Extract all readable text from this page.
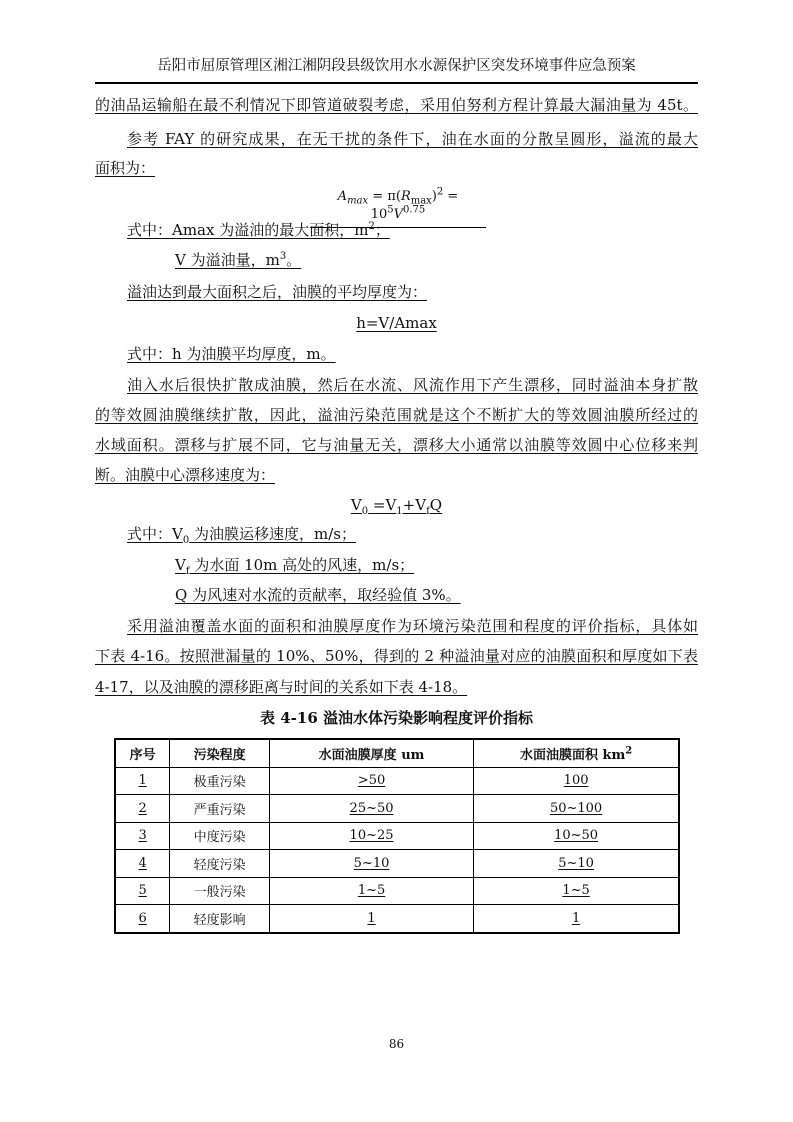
岳阳市屈原管理区湘江湘阴段县级饮用水水源保护区突发环境事件应急预案
的油品运输船在最不利情况下即管道破裂考虑，采用伯努利方程计算最大漏油量为 45t。
参考 FAY 的研究成果，在无干扰的条件下，油在水面的分散呈圆形，溢流的最大
面积为：
$A_{max} = \pi(R_{max})^2 = 10^5V^{0.75}$
式中：Amax 为溢油的最大面积，$m^2$；
V 为溢油量，$m^3$。
溢油达到最大面积之后，油膜的平均厚度为：
h=V/Amax
式中：h 为油膜平均厚度，m。
油入水后很快扩散成油膜，然后在水流、风流作用下产生漂移，同时溢油本身扩散
的等效圆油膜继续扩散，因此，溢油污染范围就是这个不断扩大的等效圆油膜所经过的
水域面积。漂移与扩展不同，它与油量无关，漂移大小通常以油膜等效圆中心位移来判
断。油膜中心漂移速度为：
$V_0 =V_1+V_fQ$
式中：$V_0$ 为油膜运移速度，m/s；
$V_f$ 为水面 10m 高处的风速，m/s；
Q 为风速对水流的贡献率，取经验值 3%。
采用溢油覆盖水面的面积和油膜厚度作为环境污染范围和程度的评价指标，具体如
下表 4-16。按照泄漏量的 10%、50%，得到的 2 种溢油量对应的油膜面积和厚度如下表
4-17，以及油膜的漂移距离与时间的关系如下表 4-18。
表 4-16 溢油水体污染影响程度评价指标
序号	污染程度	水面油膜厚度 um	水面油膜面积 $km^2$
1	极重污染	>50	100
2	严重污染	25~50	50~100
3	中度污染	10~25	10~50
4	轻度污染	5~10	5~10
5	一般污染	1~5	1~5
6	轻度影响	1	1
86
